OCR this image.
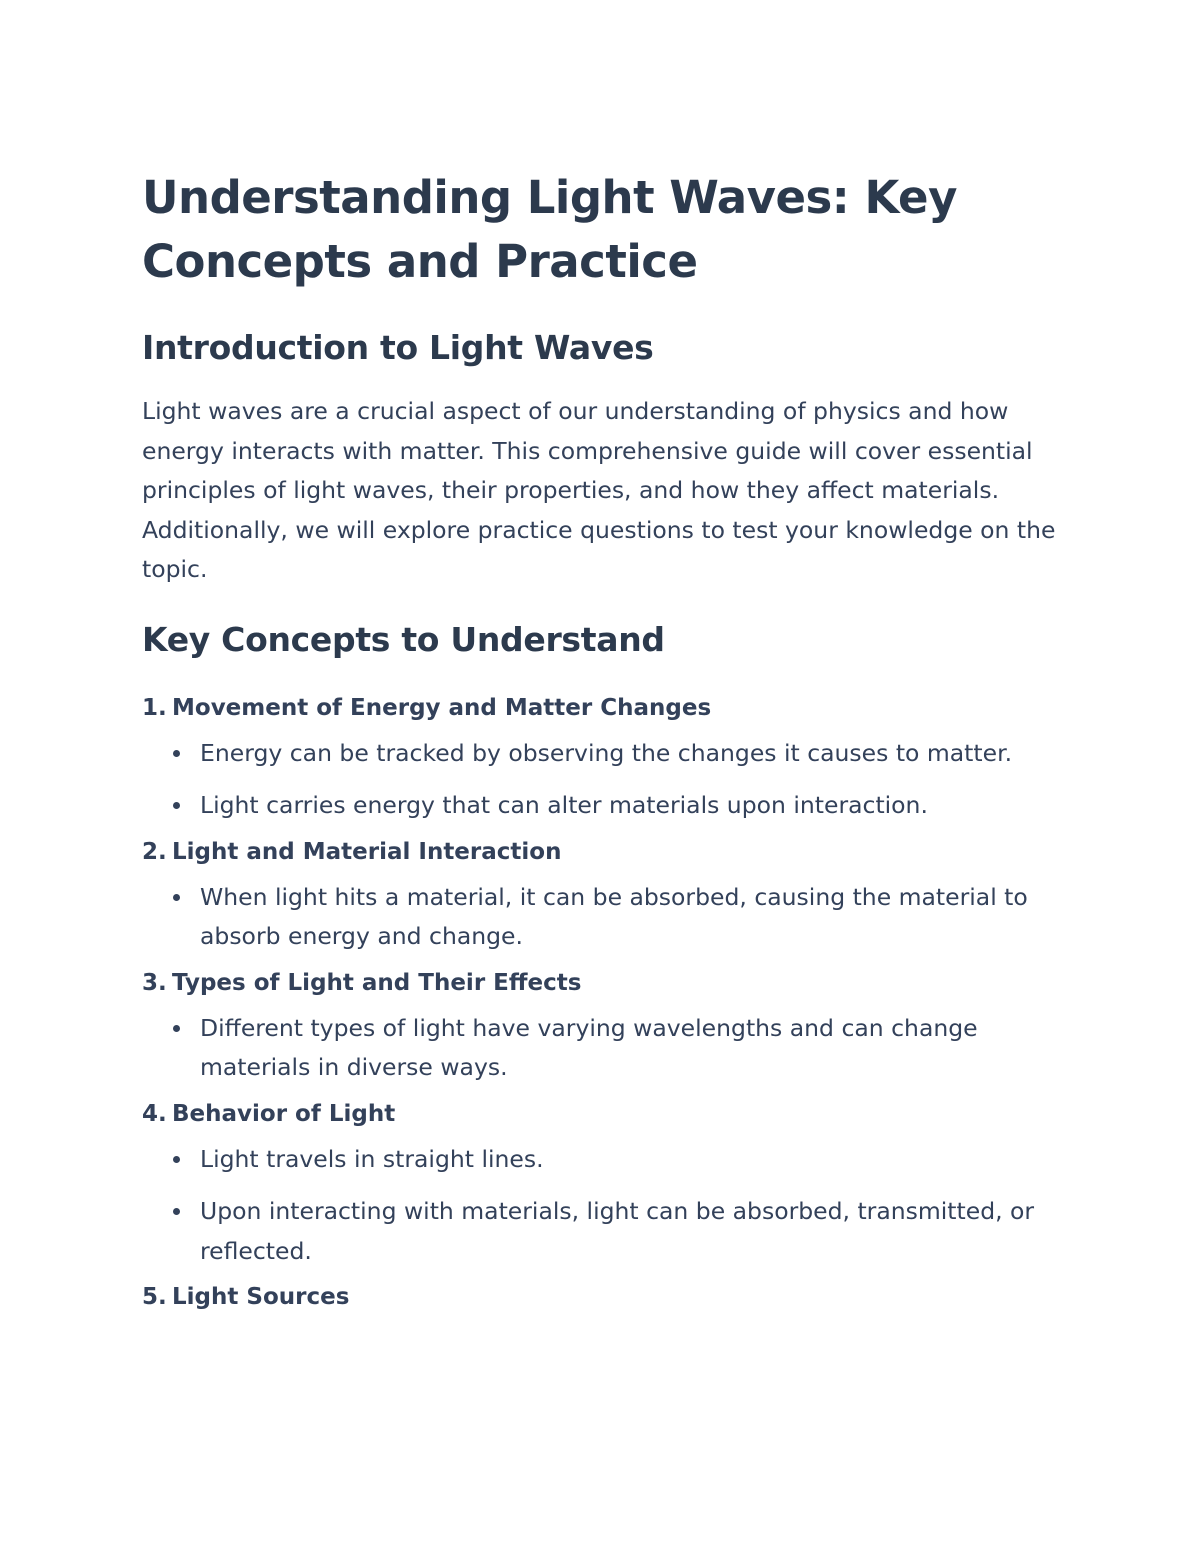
Understanding Light Waves: Key Concepts and Practice
Introduction to Light Waves

Light waves are a crucial aspect of our understanding of physics and how energy interacts with matter. This comprehensive guide will cover essential principles of light waves, their properties, and how they affect materials. Additionally, we will explore practice questions to test your knowledge on the topic.

Key Concepts to Understand
1. Movement of Energy and Matter Changes
Energy can be tracked by observing the changes it causes to matter.
Light carries energy that can alter materials upon interaction.
2. Light and Material Interaction
When light hits a material, it can be absorbed, causing the material to absorb energy and change.
3. Types of Light and Their Effects
Different types of light have varying wavelengths and can change materials in diverse ways.
4. Behavior of Light
Light travels in straight lines.
Upon interacting with materials, light can be absorbed, transmitted, or reflected.
5. Light Sources
